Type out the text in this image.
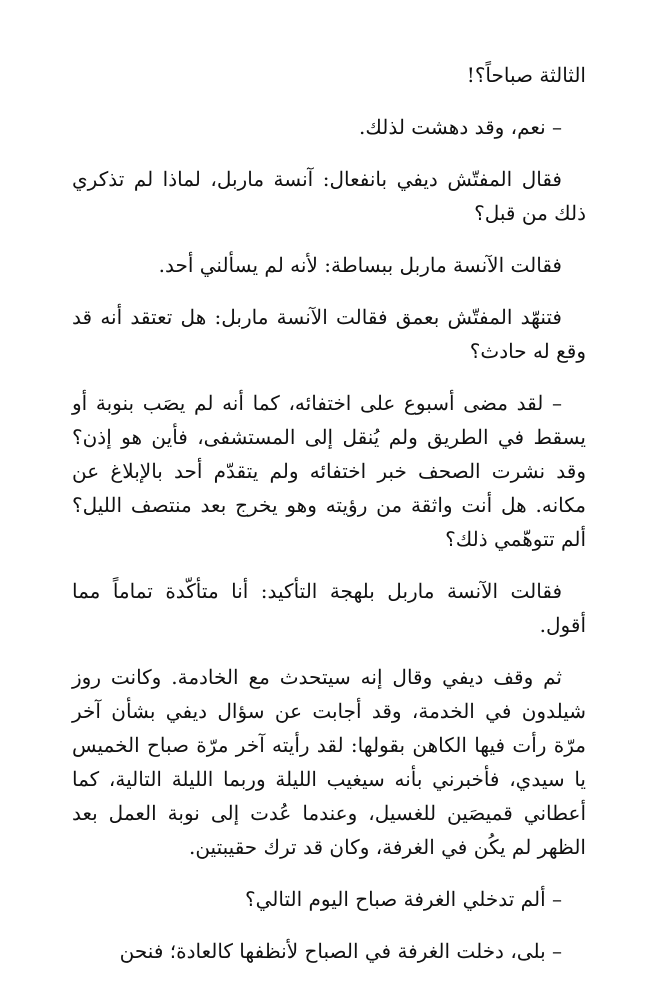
الثالثة صباحاً؟!

– نعم، وقد دهشت لذلك.

فقال المفتّش ديفي بانفعال: آنسة ماربل، لماذا لم تذكري ذلك من قبل؟

فقالت الآنسة ماربل ببساطة: لأنه لم يسألني أحد.

فتنهّد المفتّش بعمق فقالت الآنسة ماربل: هل تعتقد أنه قد وقع له حادث؟

– لقد مضى أسبوع على اختفائه، كما أنه لم يصَب بنوبة أو يسقط في الطريق ولم يُنقل إلى المستشفى، فأين هو إذن؟ وقد نشرت الصحف خبر اختفائه ولم يتقدّم أحد بالإبلاغ عن مكانه. هل أنت واثقة من رؤيته وهو يخرج بعد منتصف الليل؟ ألم تتوهّمي ذلك؟

فقالت الآنسة ماربل بلهجة التأكيد: أنا متأكّدة تماماً مما أقول.

ثم وقف ديفي وقال إنه سيتحدث مع الخادمة. وكانت روز شيلدون في الخدمة، وقد أجابت عن سؤال ديفي بشأن آخر مرّة رأت فيها الكاهن بقولها: لقد رأيته آخر مرّة صباح الخميس يا سيدي، فأخبرني بأنه سيغيب الليلة وربما الليلة التالية، كما أعطاني قميصَين للغسيل، وعندما عُدت إلى نوبة العمل بعد الظهر لم يكُن في الغرفة، وكان قد ترك حقيبتين.

– ألم تدخلي الغرفة صباح اليوم التالي؟

– بلى، دخلت الغرفة في الصباح لأنظفها كالعادة؛ فنحن
